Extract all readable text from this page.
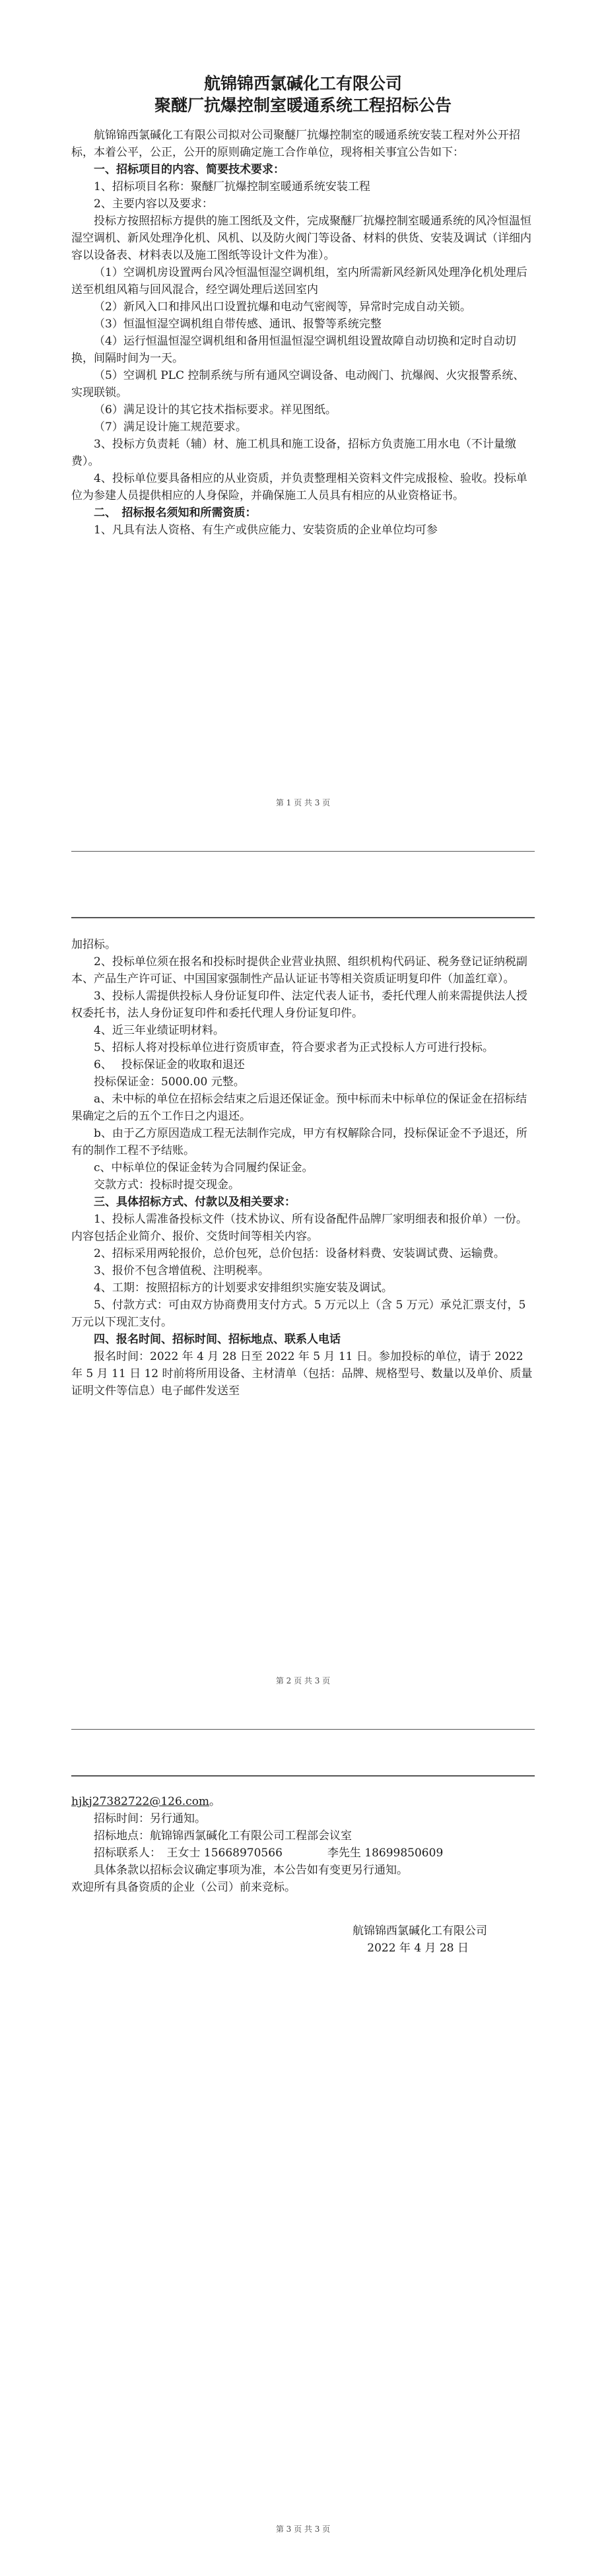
航锦锦西氯碱化工有限公司

聚醚厂抗爆控制室暖通系统工程招标公告

航锦锦西氯碱化工有限公司拟对公司聚醚厂抗爆控制室的暖通系统安装工程对外公开招标，本着公平，公正，公开的原则确定施工合作单位，现将相关事宜公告如下：

一、招标项目的内容、简要技术要求：

1、招标项目名称：聚醚厂抗爆控制室暖通系统安装工程

2、主要内容以及要求：

投标方按照招标方提供的施工图纸及文件，完成聚醚厂抗爆控制室暖通系统的风冷恒温恒湿空调机、新风处理净化机、风机、以及防火阀门等设备、材料的供货、安装及调试（详细内容以设备表、材料表以及施工图纸等设计文件为准）。

（1）空调机房设置两台风冷恒温恒湿空调机组，室内所需新风经新风处理净化机处理后送至机组风箱与回风混合，经空调处理后送回室内

（2）新风入口和排风出口设置抗爆和电动气密阀等，异常时完成自动关锁。

（3）恒温恒湿空调机组自带传感、通讯、报警等系统完整

（4）运行恒温恒湿空调机组和备用恒温恒湿空调机组设置故障自动切换和定时自动切换，间隔时间为一天。

（5）空调机 PLC 控制系统与所有通风空调设备、电动阀门、抗爆阀、火灾报警系统、实现联锁。

（6）满足设计的其它技术指标要求。祥见图纸。

（7）满足设计施工规范要求。

3、投标方负责耗（辅）材、施工机具和施工设备，招标方负责施工用水电（不计量缴费）。

4、投标单位要具备相应的从业资质，并负责整理相关资料文件完成报检、验收。投标单位为参建人员提供相应的人身保险，并确保施工人员具有相应的从业资格证书。

二、　招标报名须知和所需资质：

1、凡具有法人资格、有生产或供应能力、安装资质的企业单位均可参

第 1 页 共 3 页

加招标。

2、投标单位须在报名和投标时提供企业营业执照、组织机构代码证、税务登记证纳税副本、产品生产许可证、中国国家强制性产品认证证书等相关资质证明复印件（加盖红章）。

3、投标人需提供投标人身份证复印件、法定代表人证书，委托代理人前来需提供法人授权委托书，法人身份证复印件和委托代理人身份证复印件。

4、近三年业绩证明材料。

5、招标人将对投标单位进行资质审查，符合要求者为正式投标人方可进行投标。

6、　 投标保证金的收取和退还

投标保证金：5000.00 元整。

a、未中标的单位在招标会结束之后退还保证金。预中标而未中标单位的保证金在招标结果确定之后的五个工作日之内退还。

b、由于乙方原因造成工程无法制作完成，甲方有权解除合同，投标保证金不予退还，所有的制作工程不予结账。

c、中标单位的保证金转为合同履约保证金。

交款方式：投标时提交现金。

三、具体招标方式、付款以及相关要求：

1、投标人需准备投标文件（技术协议、所有设备配件品牌厂家明细表和报价单）一份。内容包括企业简介、报价、交货时间等相关内容。

2、招标采用两轮报价，总价包死，总价包括：设备材料费、安装调试费、运输费。

3、报价不包含增值税、注明税率。

4、工期：按照招标方的计划要求安排组织实施安装及调试。

5、付款方式：可由双方协商费用支付方式。5 万元以上（含 5 万元）承兑汇票支付，5 万元以下现汇支付。

四、报名时间、招标时间、招标地点、联系人电话

报名时间：2022 年 4 月 28 日至 2022 年 5 月 11 日。参加投标的单位，请于 2022 年 5 月 11 日 12 时前将所用设备、主材清单（包括：品牌、规格型号、数量以及单价、质量证明文件等信息）电子邮件发送至

第 2 页 共 3 页

hjkj27382722@126.com。

招标时间：另行通知。

招标地点：航锦锦西氯碱化工有限公司工程部会议室

招标联系人：　王女士 15668970566　　　　李先生 18699850609

具体条款以招标会议确定事项为准，本公告如有变更另行通知。

欢迎所有具备资质的企业（公司）前来竞标。

航锦锦西氯碱化工有限公司

2022 年 4 月 28 日

第 3 页 共 3 页
